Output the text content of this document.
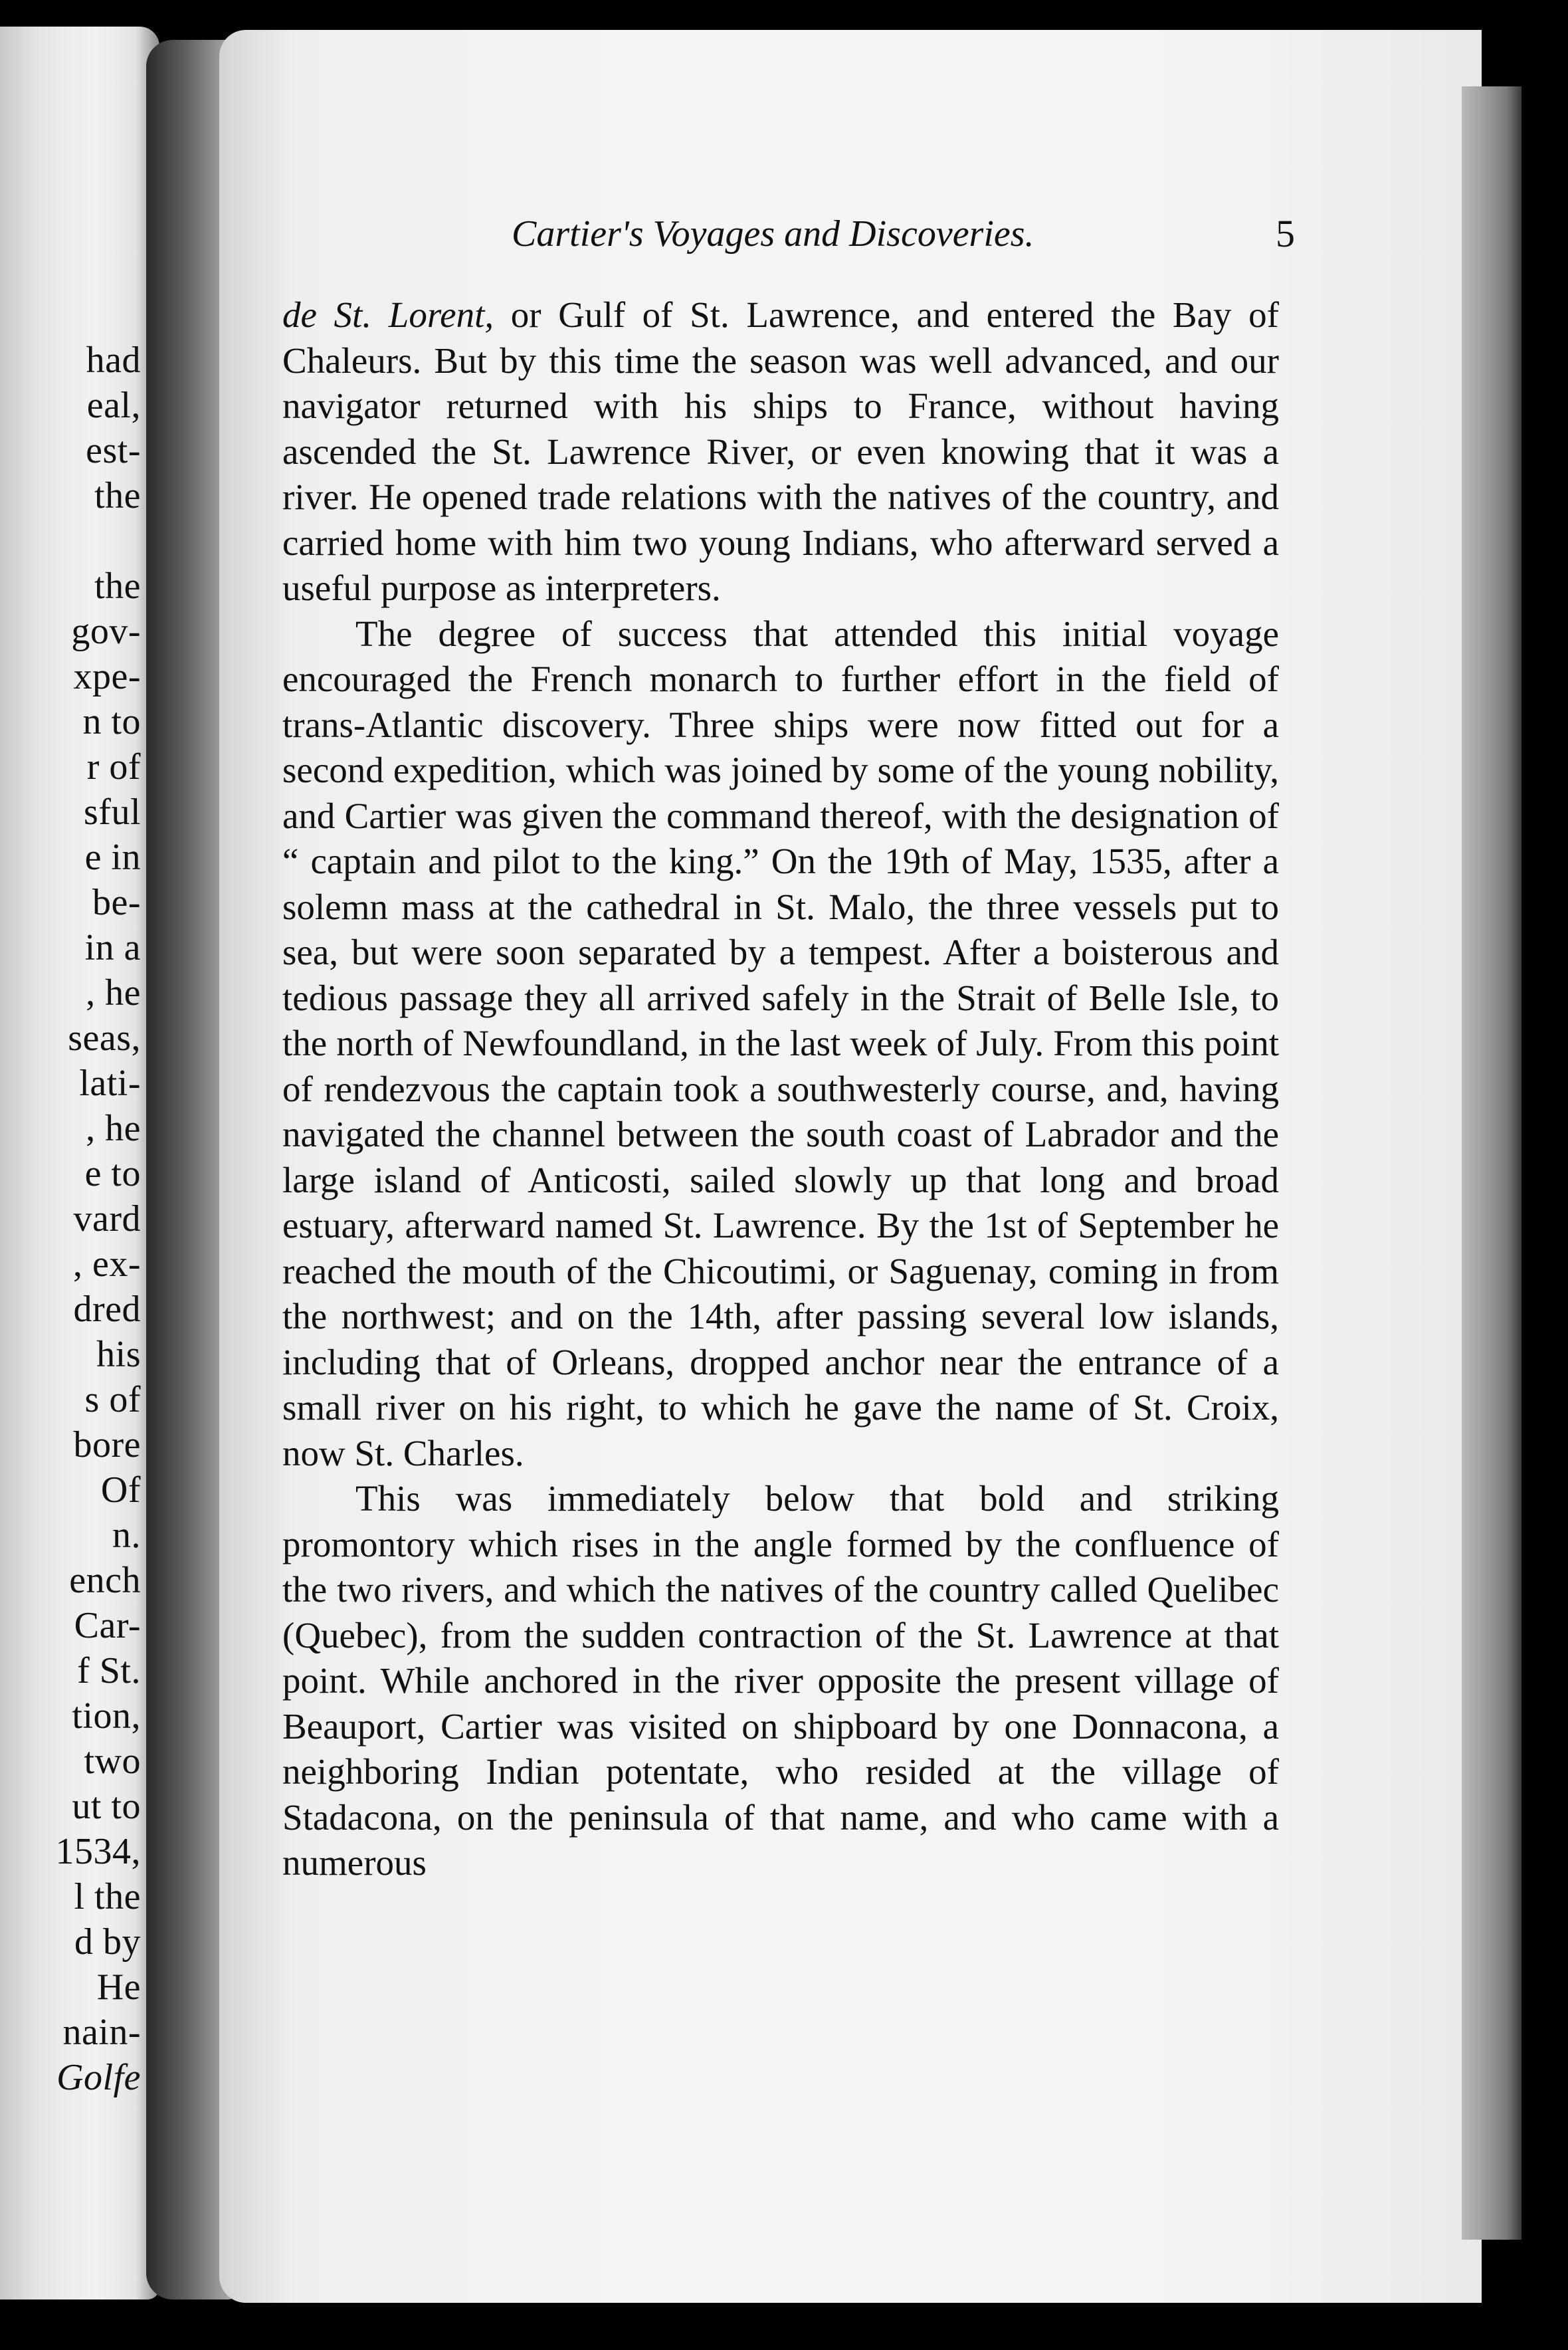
had
eal,
est-
the
the
gov-
xpe-
n to
r of
sful
e in
be-
in a
, he
seas,
lati-
, he
e to
vard
, ex-
dred
his
s of
bore
Of
n.
ench
Car-
f St.
tion,
two
ut to
1534,
l the
d by
He
nain-
Golfe
Cartier's Voyages and Discoveries.	5

de St. Lorent, or Gulf of St. Lawrence, and entered the Bay of Chaleurs. But by this time the season was well advanced, and our navigator returned with his ships to France, without having ascended the St. Lawrence River, or even knowing that it was a river. He opened trade relations with the natives of the country, and carried home with him two young Indians, who afterward served a useful purpose as interpreters.

The degree of success that attended this initial voyage encouraged the French monarch to further effort in the field of trans-Atlantic discovery. Three ships were now fitted out for a second expedition, which was joined by some of the young nobility, and Cartier was given the command thereof, with the designation of “ captain and pilot to the king.” On the 19th of May, 1535, after a solemn mass at the cathedral in St. Malo, the three vessels put to sea, but were soon separated by a tempest. After a boisterous and tedious passage they all arrived safely in the Strait of Belle Isle, to the north of Newfoundland, in the last week of July. From this point of rendezvous the captain took a southwesterly course, and, having navigated the channel between the south coast of Labrador and the large island of Anticosti, sailed slowly up that long and broad estuary, afterward named St. Lawrence. By the 1st of September he reached the mouth of the Chicoutimi, or Saguenay, coming in from the northwest; and on the 14th, after passing several low islands, including that of Orleans, dropped anchor near the entrance of a small river on his right, to which he gave the name of St. Croix, now St. Charles.

This was immediately below that bold and striking promontory which rises in the angle formed by the confluence of the two rivers, and which the natives of the country called Quelibec (Quebec), from the sudden contraction of the St. Lawrence at that point. While anchored in the river opposite the present village of Beauport, Cartier was visited on shipboard by one Donnacona, a neighboring Indian potentate, who resided at the village of Stadacona, on the peninsula of that name, and who came with a numerous
